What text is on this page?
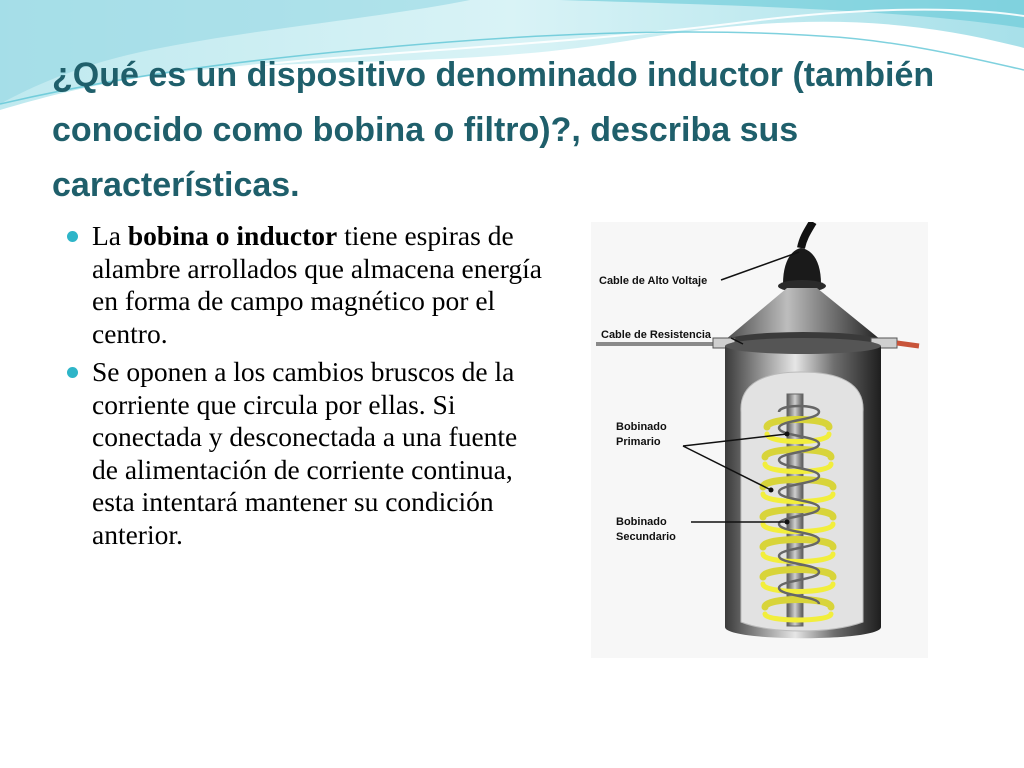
¿Qué es un dispositivo denominado inductor (también conocido como bobina o filtro)?, describa sus características.
La bobina o inductor tiene espiras de alambre arrollados que almacena energía en forma de campo magnético por el centro.
Se oponen a los cambios bruscos de la corriente que circula por ellas. Si conectada y desconectada a una fuente de alimentación de corriente continua, esta intentará mantener su condición anterior.
Cable de Alto Voltaje
Cable de Resistencia
Bobinado
Primario
Bobinado
Secundario
